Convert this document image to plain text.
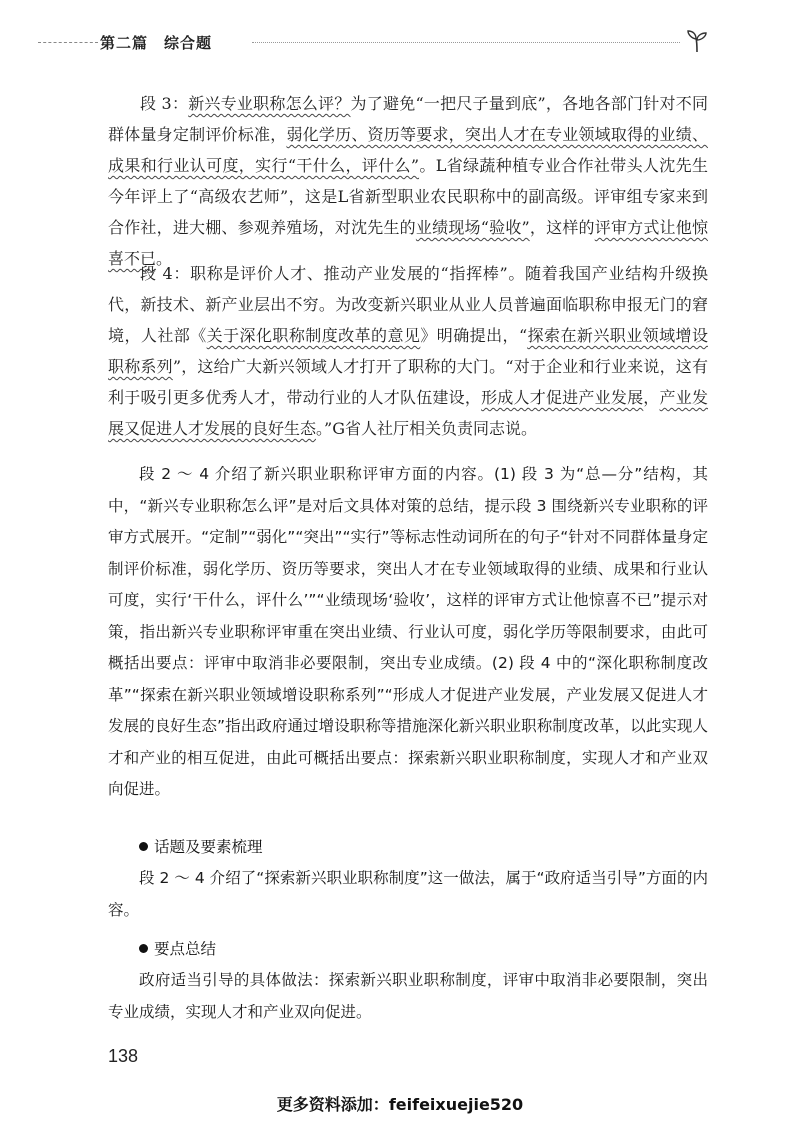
第二篇 综合题

段 3：新兴专业职称怎么评？为了避免“一把尺子量到底”，各地各部门针对不同群体量身定制评价标准，弱化学历、资历等要求，突出人才在专业领域取得的业绩、成果和行业认可度，实行“干什么，评什么”。L省绿蔬种植专业合作社带头人沈先生今年评上了“高级农艺师”，这是L省新型职业农民职称中的副高级。评审组专家来到合作社，进大棚、参观养殖场，对沈先生的业绩现场“验收”，这样的评审方式让他惊喜不已。

段 4：职称是评价人才、推动产业发展的“指挥棒”。随着我国产业结构升级换代，新技术、新产业层出不穷。为改变新兴职业从业人员普遍面临职称申报无门的窘境，人社部《关于深化职称制度改革的意见》明确提出，“探索在新兴职业领域增设职称系列”，这给广大新兴领域人才打开了职称的大门。“对于企业和行业来说，这有利于吸引更多优秀人才，带动行业的人才队伍建设，形成人才促进产业发展，产业发展又促进人才发展的良好生态。”G省人社厅相关负责同志说。

段 2 ～ 4 介绍了新兴职业职称评审方面的内容。(1) 段 3 为“总—分”结构，其中，“新兴专业职称怎么评”是对后文具体对策的总结，提示段 3 围绕新兴专业职称的评审方式展开。“定制”“弱化”“突出”“实行”等标志性动词所在的句子“针对不同群体量身定制评价标准，弱化学历、资历等要求，突出人才在专业领域取得的业绩、成果和行业认可度，实行‘干什么，评什么’”“业绩现场‘验收’，这样的评审方式让他惊喜不已”提示对策，指出新兴专业职称评审重在突出业绩、行业认可度，弱化学历等限制要求，由此可概括出要点：评审中取消非必要限制，突出专业成绩。(2) 段 4 中的“深化职称制度改革”“探索在新兴职业领域增设职称系列”“形成人才促进产业发展，产业发展又促进人才发展的良好生态”指出政府通过增设职称等措施深化新兴职业职称制度改革，以此实现人才和产业的相互促进，由此可概括出要点：探索新兴职业职称制度，实现人才和产业双向促进。

话题及要素梳理

段 2 ～ 4 介绍了“探索新兴职业职称制度”这一做法，属于“政府适当引导”方面的内容。

要点总结

政府适当引导的具体做法：探索新兴职业职称制度，评审中取消非必要限制，突出专业成绩，实现人才和产业双向促进。

138
更多资料添加：feifeixuejie520
